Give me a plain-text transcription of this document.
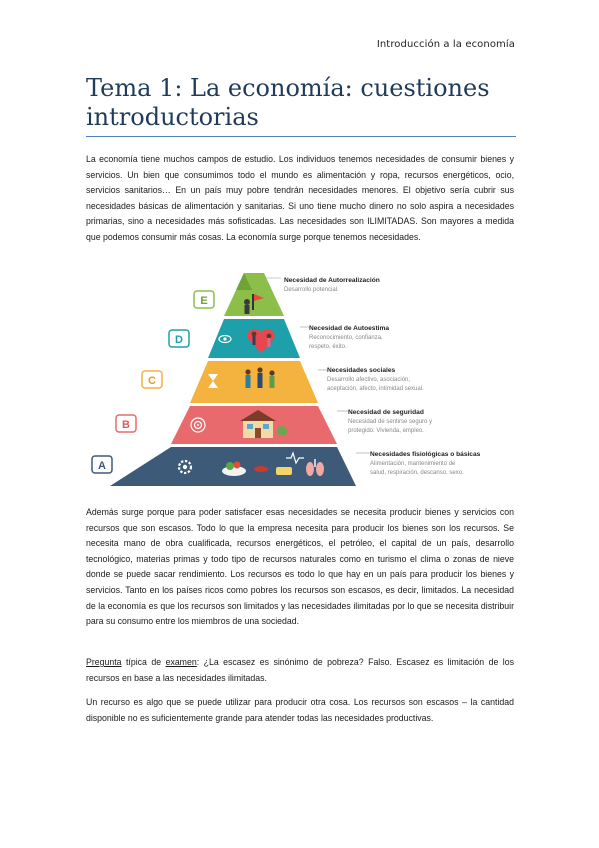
Introducción a la economía
Tema 1: La economía: cuestiones introductorias

La economía tiene muchos campos de estudio. Los individuos tenemos necesidades de consumir bienes y servicios. Un bien que consumimos todo el mundo es alimentación y ropa, recursos energéticos, ocio, servicios sanitarios… En un país muy pobre tendrán necesidades menores. El objetivo sería cubrir sus necesidades básicas de alimentación y sanitarias. Si uno tiene mucho dinero no solo aspira a necesidades primarias, sino a necesidades más sofisticadas. Las necesidades son ILIMITADAS. Son mayores a medida que podemos consumir más cosas. La economía surge porque tenemos necesidades.

E
Necesidad de Autorrealización
Desarrollo potencial.
D
Necesidad de Autoestima
Reconocimiento, confianza,
respeto, éxito.
C
Necesidades sociales
Desarrollo afectivo, asociación,
aceptación, afecto, intimidad sexual.
B
Necesidad de seguridad
Necesidad de sentirse seguro y
protegido: Vivienda, empleo.
A
Necesidades fisiológicas o básicas
Alimentación, mantenimiento de
salud, respiración, descanso, sexo.

Además surge porque para poder satisfacer esas necesidades se necesita producir bienes y servicios con recursos que son escasos. Todo lo que la empresa necesita para producir los bienes son los recursos. Se necesita mano de obra cualificada, recursos energéticos, el petróleo, el capital de un país, desarrollo tecnológico, materias primas y todo tipo de recursos naturales como en turismo el clima o zonas de nieve donde se puede sacar rendimiento. Los recursos es todo lo que hay en un país para producir los bienes y servicios. Tanto en los países ricos como pobres los recursos son escasos, es decir, limitados. La necesidad de la economía es que los recursos son limitados y las necesidades ilimitadas por lo que se necesita distribuir para su consumo entre los miembros de una sociedad.

Pregunta típica de examen: ¿La escasez es sinónimo de pobreza? Falso. Escasez es limitación de los recursos en base a las necesidades ilimitadas.

Un recurso es algo que se puede utilizar para producir otra cosa. Los recursos son escasos – la cantidad disponible no es suficientemente grande para atender todas las necesidades productivas.
